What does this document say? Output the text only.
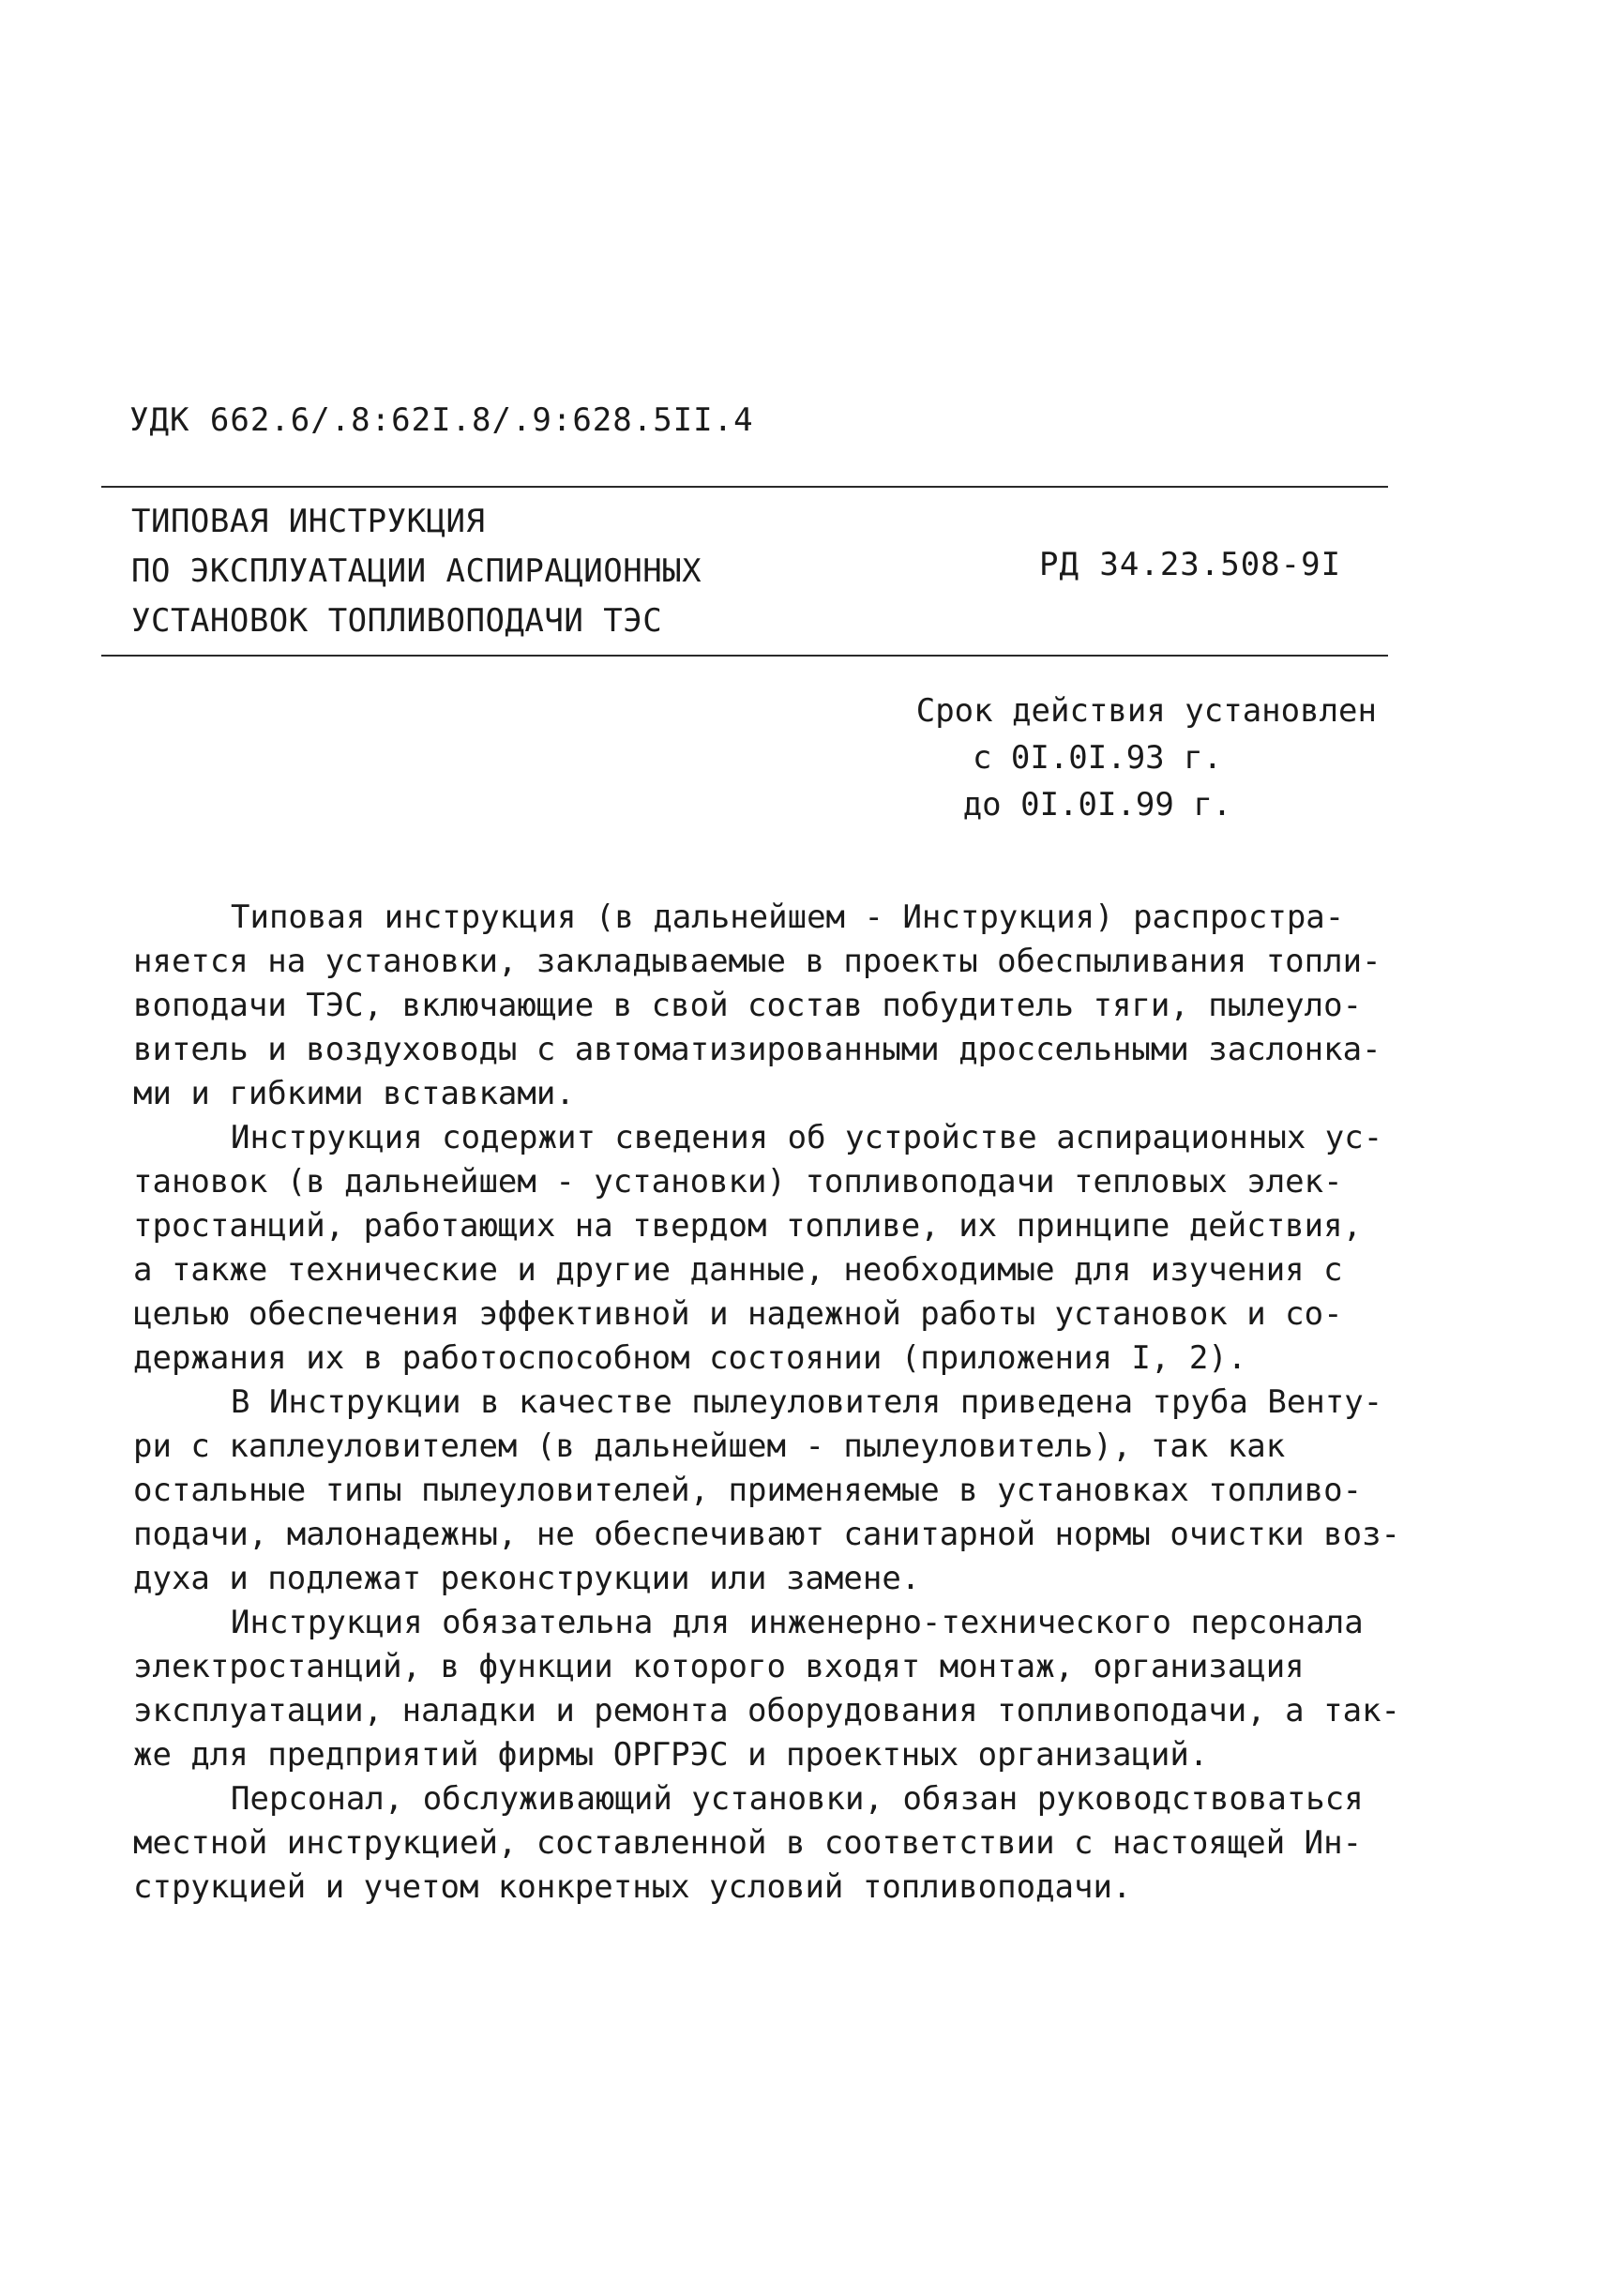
УДК 662.6/.8:62I.8/.9:628.5II.4
ТИПОВАЯ ИНСТРУКЦИЯ
ПО ЭКСПЛУАТАЦИИ АСПИРАЦИОННЫХ
УСТАНОВОК ТОПЛИВОПОДАЧИ ТЭС
РД 34.23.508-9I
Срок действия установлен
с 0I.0I.93 г.
до 0I.0I.99 г.
Типовая инструкция (в дальнейшем - Инструкция) распростра-
няется на установки, закладываемые в проекты обеспыливания топли-
воподачи ТЭС, включающие в свой состав побудитель тяги, пылеуло-
витель и воздуховоды с автоматизированными дроссельными заслонка-
ми и гибкими вставками.
Инструкция содержит сведения об устройстве аспирационных ус-
тановок (в дальнейшем - установки) топливоподачи тепловых элек-
тростанций, работающих на твердом топливе, их принципе действия,
а также технические и другие данные, необходимые для изучения с
целью обеспечения эффективной и надежной работы установок и со-
держания их в работоспособном состоянии (приложения I, 2).
В Инструкции в качестве пылеуловителя приведена труба Венту-
ри с каплеуловителем (в дальнейшем - пылеуловитель), так как
остальные типы пылеуловителей, применяемые в установках топливо-
подачи, малонадежны, не обеспечивают санитарной нормы очистки воз-
духа и подлежат реконструкции или замене.
Инструкция обязательна для инженерно-технического персонала
электростанций, в функции которого входят монтаж, организация
эксплуатации, наладки и ремонта оборудования топливоподачи, а так-
же для предприятий фирмы ОРГРЭС и проектных организаций.
Персонал, обслуживающий установки, обязан руководствоваться
местной инструкцией, составленной в соответствии с настоящей Ин-
струкцией и учетом конкретных условий топливоподачи.
